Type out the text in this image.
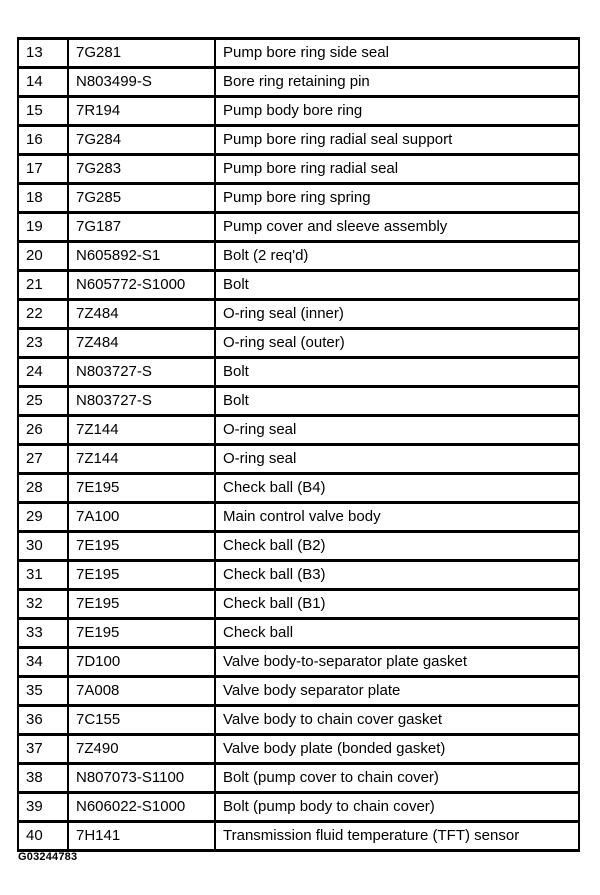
13	7G281	Pump bore ring side seal
14	N803499-S	Bore ring retaining pin
15	7R194	Pump body bore ring
16	7G284	Pump bore ring radial seal support
17	7G283	Pump bore ring radial seal
18	7G285	Pump bore ring spring
19	7G187	Pump cover and sleeve assembly
20	N605892-S1	Bolt (2 req'd)
21	N605772-S1000	Bolt
22	7Z484	O-ring seal (inner)
23	7Z484	O-ring seal (outer)
24	N803727-S	Bolt
25	N803727-S	Bolt
26	7Z144	O-ring seal
27	7Z144	O-ring seal
28	7E195	Check ball (B4)
29	7A100	Main control valve body
30	7E195	Check ball (B2)
31	7E195	Check ball (B3)
32	7E195	Check ball (B1)
33	7E195	Check ball
34	7D100	Valve body-to-separator plate gasket
35	7A008	Valve body separator plate
36	7C155	Valve body to chain cover gasket
37	7Z490	Valve body plate (bonded gasket)
38	N807073-S1100	Bolt (pump cover to chain cover)
39	N606022-S1000	Bolt (pump body to chain cover)
40	7H141	Transmission fluid temperature (TFT) sensor
G03244783
